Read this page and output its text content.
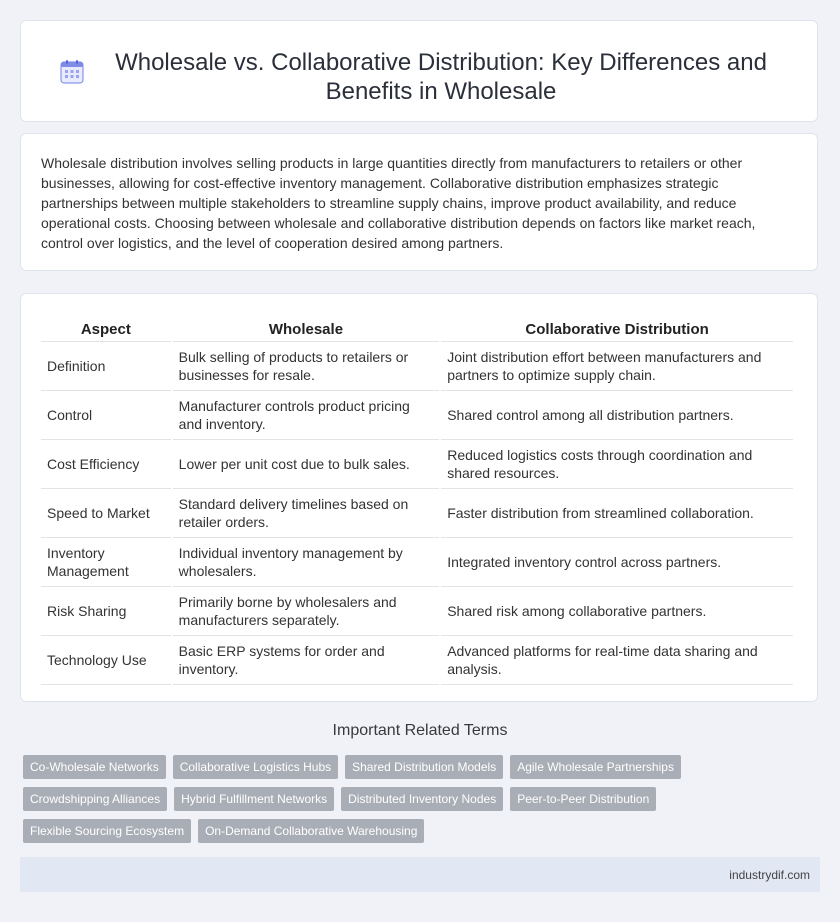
Wholesale vs. Collaborative Distribution: Key Differences and Benefits in Wholesale

Wholesale distribution involves selling products in large quantities directly from manufacturers to retailers or other businesses, allowing for cost-effective inventory management. Collaborative distribution emphasizes strategic partnerships between multiple stakeholders to streamline supply chains, improve product availability, and reduce operational costs. Choosing between wholesale and collaborative distribution depends on factors like market reach, control over logistics, and the level of cooperation desired among partners.

Aspect	Wholesale	Collaborative Distribution
Definition	Bulk selling of products to retailers or businesses for resale.	Joint distribution effort between manufacturers and partners to optimize supply chain.
Control	Manufacturer controls product pricing and inventory.	Shared control among all distribution partners.
Cost Efficiency	Lower per unit cost due to bulk sales.	Reduced logistics costs through coordination and shared resources.
Speed to Market	Standard delivery timelines based on retailer orders.	Faster distribution from streamlined collaboration.
Inventory Management	Individual inventory management by wholesalers.	Integrated inventory control across partners.
Risk Sharing	Primarily borne by wholesalers and manufacturers separately.	Shared risk among collaborative partners.
Technology Use	Basic ERP systems for order and inventory.	Advanced platforms for real-time data sharing and analysis.
Important Related Terms
Co-Wholesale Networks	Collaborative Logistics Hubs	Shared Distribution Models	Agile Wholesale Partnerships
Crowdshipping Alliances	Hybrid Fulfillment Networks	Distributed Inventory Nodes	Peer-to-Peer Distribution
Flexible Sourcing Ecosystem	On-Demand Collaborative Warehousing
industrydif.com
